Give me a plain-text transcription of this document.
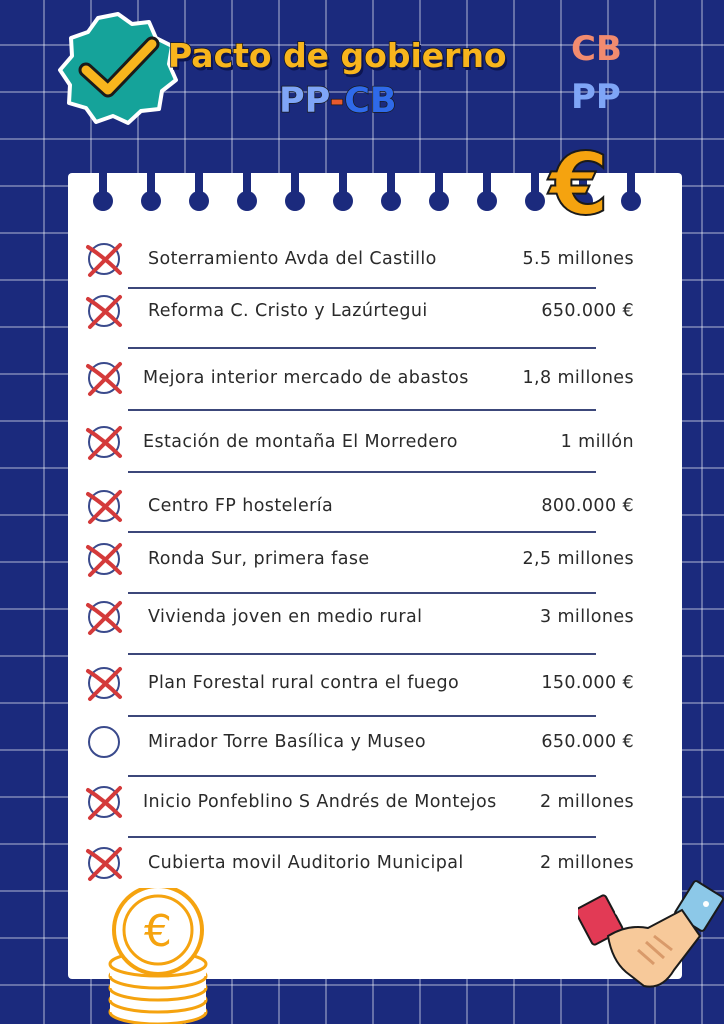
Pacto de gobierno
PP-CB
CB
PP
Soterramiento Avda del Castillo	5.5 millones
Reforma C. Cristo y Lazúrtegui	650.000 €
Mejora interior mercado de abastos	1,8 millones
Estación de montaña El Morredero	1 millón
Centro FP hostelería	800.000 €
Ronda Sur, primera fase	2,5 millones
Vivienda joven en medio rural	3 millones
Plan Forestal rural contra el fuego	150.000 €
Mirador Torre Basílica y Museo	650.000 €
Inicio Ponfeblino S Andrés de Montejos 2 millones
Cubierta movil Auditorio Municipal	2 millones
€
€
